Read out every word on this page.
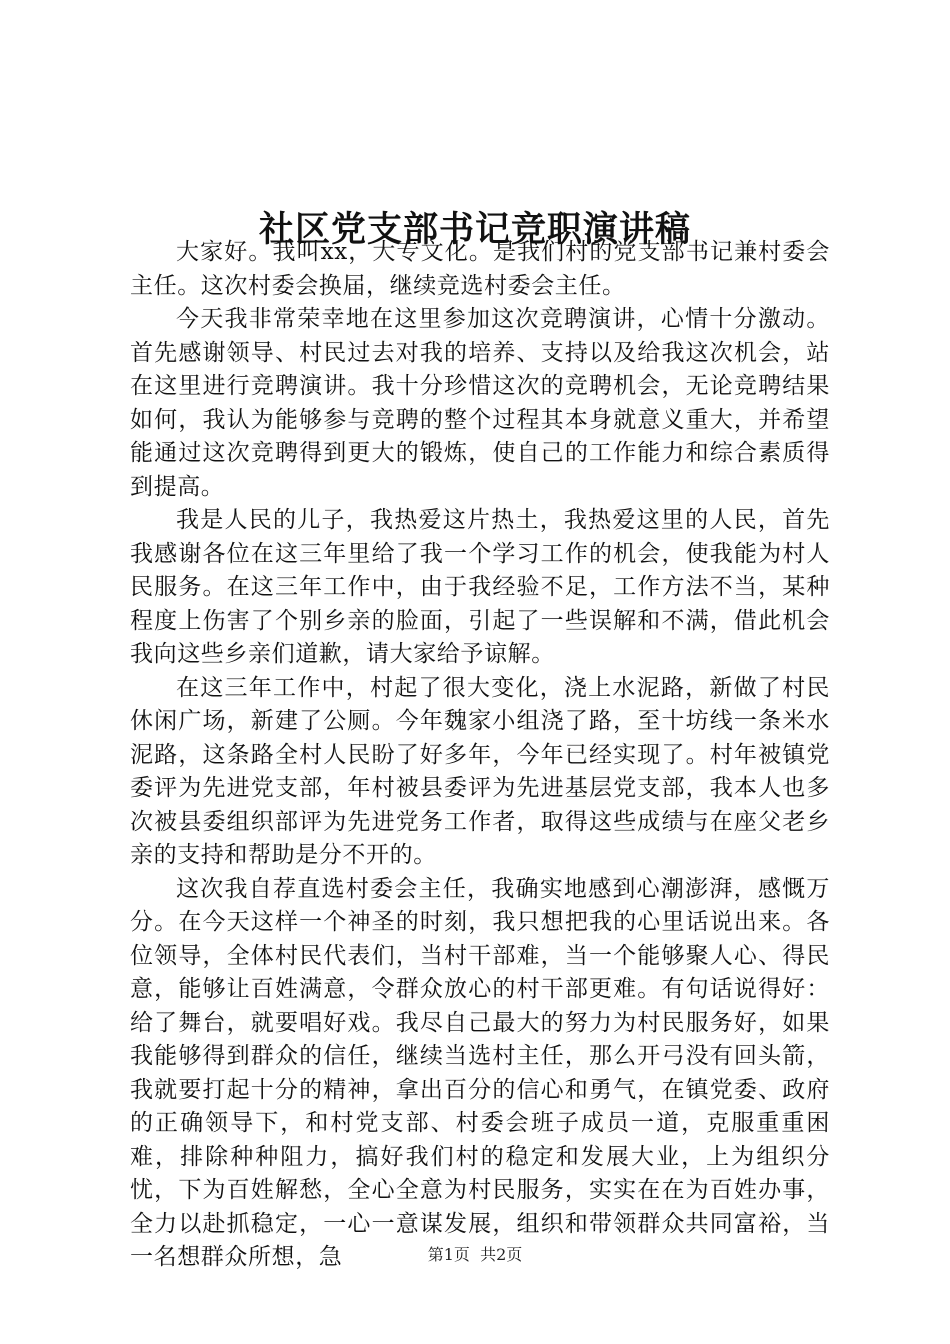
社区党支部书记竞职演讲稿

大家好。我叫xx，大专文化。是我们村的党支部书记兼村委会主任。这次村委会换届，继续竞选村委会主任。

今天我非常荣幸地在这里参加这次竞聘演讲，心情十分激动。首先感谢领导、村民过去对我的培养、支持以及给我这次机会，站在这里进行竞聘演讲。我十分珍惜这次的竞聘机会，无论竞聘结果如何，我认为能够参与竞聘的整个过程其本身就意义重大，并希望能通过这次竞聘得到更大的锻炼，使自己的工作能力和综合素质得到提高。

我是人民的儿子，我热爱这片热土，我热爱这里的人民，首先我感谢各位在这三年里给了我一个学习工作的机会，使我能为村人民服务。在这三年工作中，由于我经验不足，工作方法不当，某种程度上伤害了个别乡亲的脸面，引起了一些误解和不满，借此机会我向这些乡亲们道歉，请大家给予谅解。

在这三年工作中，村起了很大变化，浇上水泥路，新做了村民休闲广场，新建了公厕。今年魏家小组浇了路，至十坊线一条米水泥路，这条路全村人民盼了好多年，今年已经实现了。村年被镇党委评为先进党支部，年村被县委评为先进基层党支部，我本人也多次被县委组织部评为先进党务工作者，取得这些成绩与在座父老乡亲的支持和帮助是分不开的。

这次我自荐直选村委会主任，我确实地感到心潮澎湃，感慨万分。在今天这样一个神圣的时刻，我只想把我的心里话说出来。各位领导，全体村民代表们，当村干部难，当一个能够聚人心、得民意，能够让百姓满意，令群众放心的村干部更难。有句话说得好：给了舞台，就要唱好戏。我尽自己最大的努力为村民服务好，如果我能够得到群众的信任，继续当选村主任，那么开弓没有回头箭，我就要打起十分的精神，拿出百分的信心和勇气，在镇党委、政府的正确领导下，和村党支部、村委会班子成员一道，克服重重困难，排除种种阻力，搞好我们村的稳定和发展大业，上为组织分忧，下为百姓解愁，全心全意为村民服务，实实在在为百姓办事，全力以赴抓稳定，一心一意谋发展，组织和带领群众共同富裕，当一名想群众所想，急	第1页  共2页
